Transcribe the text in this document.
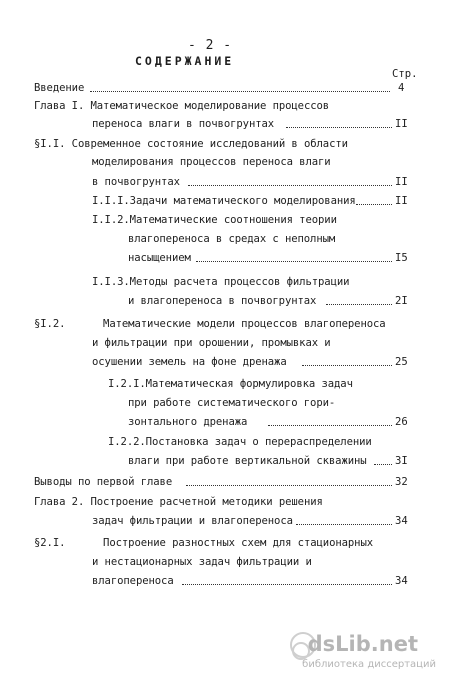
- 2 -
СОДЕРЖАНИЕ
Стр.
Введение	4
Глава I. Математическое моделирование процессов
переноса влаги в почвогрунтах	II
§I.I. Современное состояние исследований в области
моделирования процессов переноса влаги
в почвогрунтах	II
I.I.I.Задачи математического моделирования	II
I.I.2.Математические соотношения теории
влагопереноса в средах с неполным
насыщением	I5
I.I.3.Методы расчета процессов фильтрации
и влагопереноса в почвогрунтах	2I
§I.2.      Математические модели процессов влагопереноса
и фильтрации при орошении, промывках и
осушении земель на фоне дренажа	25
I.2.I.Математическая формулировка задач
при работе систематического гори-
зонтального дренажа	26
I.2.2.Постановка задач о перераспределении
влаги при работе вертикальной скважины	3I
Выводы по первой главе	32
Глава 2. Построение расчетной методики решения
задач фильтрации и влагопереноса	34
§2.I.      Построение разностных схем для стационарных
и нестационарных задач фильтрации и
влагопереноса	34
dsLib.net
библиотека диссертаций
